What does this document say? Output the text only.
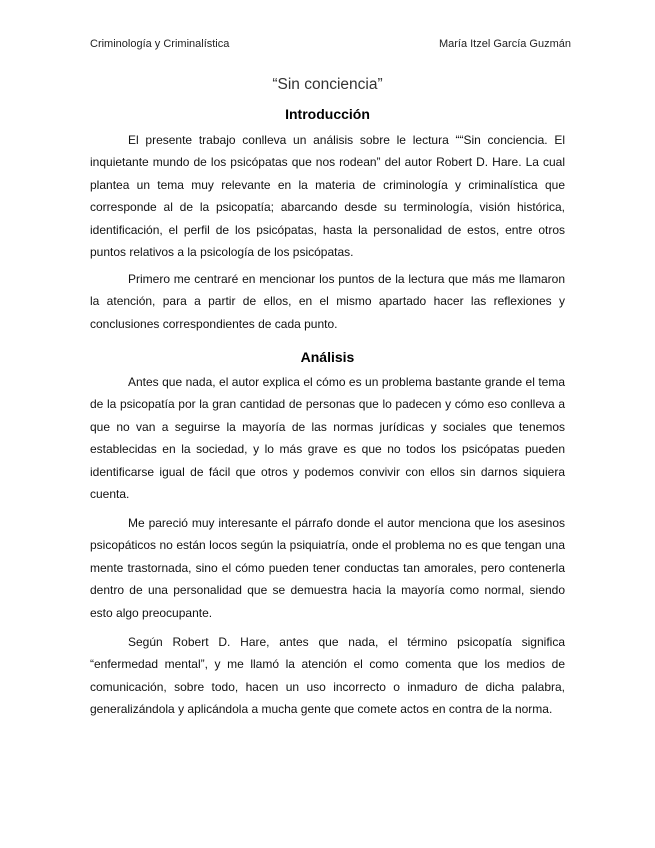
Criminología y Criminalística	María Itzel García Guzmán
“Sin conciencia”
Introducción

El presente trabajo conlleva un análisis sobre le lectura ““Sin conciencia. El inquietante mundo de los psicópatas que nos rodean” del autor Robert D. Hare. La cual plantea un tema muy relevante en la materia de criminología y criminalística que corresponde al de la psicopatía; abarcando desde su terminología, visión histórica, identificación, el perfil de los psicópatas, hasta la personalidad de estos, entre otros puntos relativos a la psicología de los psicópatas.

Primero me centraré en mencionar los puntos de la lectura que más me llamaron la atención, para a partir de ellos, en el mismo apartado hacer las reflexiones y conclusiones correspondientes de cada punto.

Análisis

Antes que nada, el autor explica el cómo es un problema bastante grande el tema de la psicopatía por la gran cantidad de personas que lo padecen y cómo eso conlleva a que no van a seguirse la mayoría de las normas jurídicas y sociales que tenemos establecidas en la sociedad, y lo más grave es que no todos los psicópatas pueden identificarse igual de fácil que otros y podemos convivir con ellos sin darnos siquiera cuenta.

Me pareció muy interesante el párrafo donde el autor menciona que los asesinos psicopáticos no están locos según la psiquiatría, onde el problema no es que tengan una mente trastornada, sino el cómo pueden tener conductas tan amorales, pero contenerla dentro de una personalidad que se demuestra hacia la mayoría como normal, siendo esto algo preocupante.

Según Robert D. Hare, antes que nada, el término psicopatía significa “enfermedad mental”, y me llamó la atención el como comenta que los medios de comunicación, sobre todo, hacen un uso incorrecto o inmaduro de dicha palabra, generalizándola y aplicándola a mucha gente que comete actos en contra de la norma.
